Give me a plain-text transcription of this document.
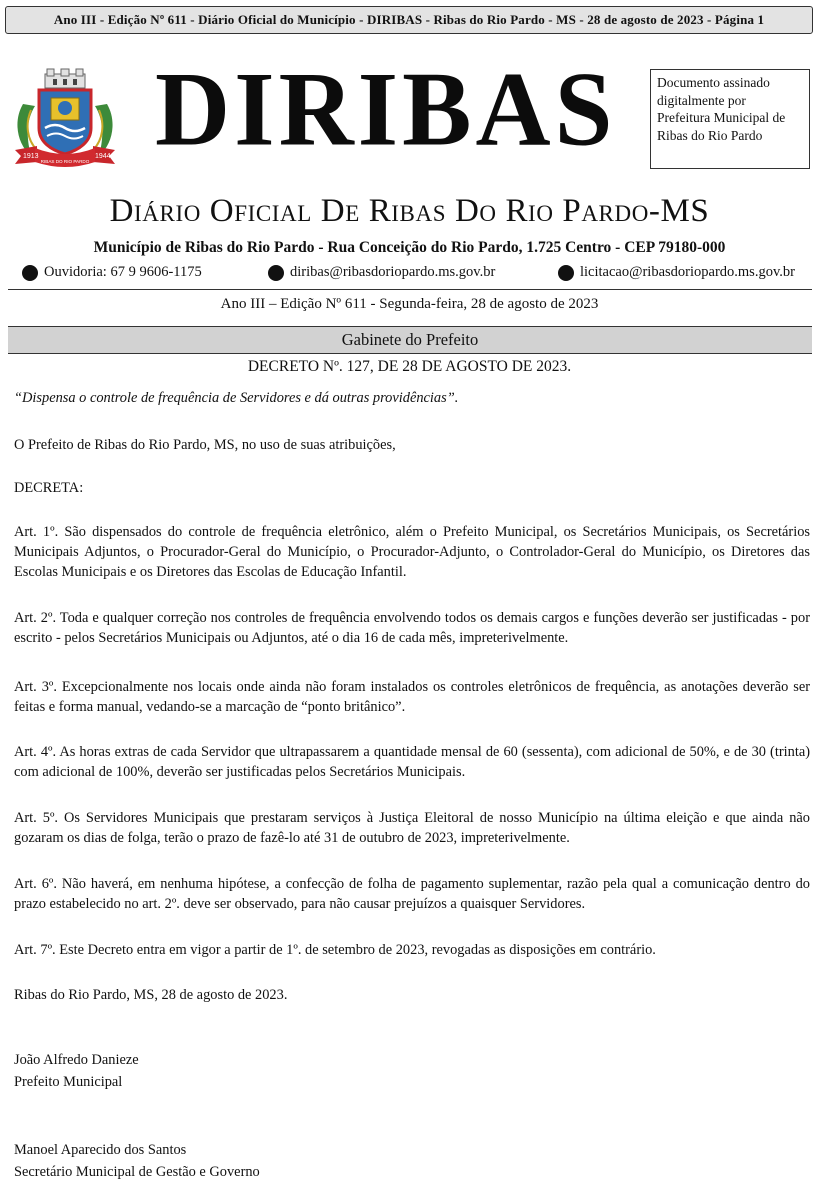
Ano III - Edição Nº 611 - Diário Oficial do Município - DIRIBAS - Ribas do Rio Pardo - MS - 28 de agosto de 2023 - Página 1
1913
RIBAS DO RIO PARDO
1944 DIRIBAS	Documento assinado
digitalmente por
Prefeitura Municipal de
Ribas do Rio Pardo
Diário Oficial De Ribas Do Rio Pardo-MS
Município de Ribas do Rio Pardo - Rua Conceição do Rio Pardo, 1.725 Centro - CEP 79180-000
Ouvidoria: 67 9 9606-1175	diribas@ribasdoriopardo.ms.gov.br	licitacao@ribasdoriopardo.ms.gov.br
Ano III – Edição Nº 611 - Segunda-feira, 28 de agosto de 2023
Gabinete do Prefeito
DECRETO Nº. 127, DE 28 DE AGOSTO DE 2023.
“Dispensa o controle de frequência de Servidores e dá outras providências”.
O Prefeito de Ribas do Rio Pardo, MS, no uso de suas atribuições,
DECRETA:
Art. 1º. São dispensados do controle de frequência eletrônico, além o Prefeito Municipal, os Secretários Municipais, os Secretários Municipais Adjuntos, o Procurador-Geral do Município, o Procurador-Adjunto, o Controlador-Geral do Município, os Diretores das Escolas Municipais e os Diretores das Escolas de Educação Infantil.
Art. 2º. Toda e qualquer correção nos controles de frequência envolvendo todos os demais cargos e funções deverão ser justificadas - por escrito - pelos Secretários Municipais ou Adjuntos, até o dia 16 de cada mês, impreterivelmente.
Art. 3º. Excepcionalmente nos locais onde ainda não foram instalados os controles eletrônicos de frequência, as anotações deverão ser feitas e forma manual, vedando-se a marcação de “ponto britânico”.
Art. 4º. As horas extras de cada Servidor que ultrapassarem a quantidade mensal de 60 (sessenta), com adicional de 50%, e de 30 (trinta) com adicional de 100%, deverão ser justificadas pelos Secretários Municipais.
Art. 5º. Os Servidores Municipais que prestaram serviços à Justiça Eleitoral de nosso Município na última eleição e que ainda não gozaram os dias de folga, terão o prazo de fazê-lo até 31 de outubro de 2023, impreterivelmente.
Art. 6º. Não haverá, em nenhuma hipótese, a confecção de folha de pagamento suplementar, razão pela qual a comunicação dentro do prazo estabelecido no art. 2º. deve ser observado, para não causar prejuízos a quaisquer Servidores.
Art. 7º. Este Decreto entra em vigor a partir de 1º. de setembro de 2023, revogadas as disposições em contrário.
Ribas do Rio Pardo, MS, 28 de agosto de 2023.
João Alfredo Danieze
Prefeito Municipal
Manoel Aparecido dos Santos
Secretário Municipal de Gestão e Governo
